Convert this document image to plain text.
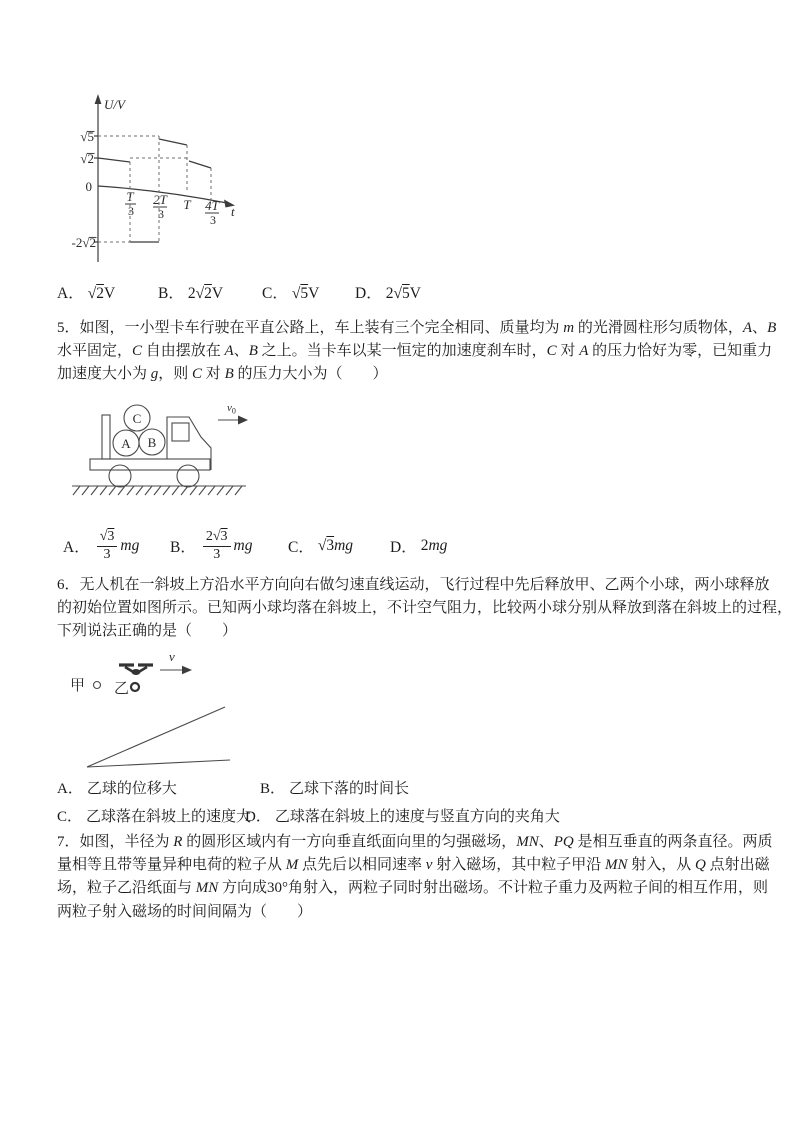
U/V
t
√5
√2
0
-2√2
T
3
2T
3
T 4T
3
A． √ 2V	B． 2 √ 2V	C． √ 5V D． 2 √ 5V
5．如图，一小型卡车行驶在平直公路上，车上装有三个完全相同、质量均为 m 的光滑圆柱形匀质物体，A、B
水平固定，C 自由摆放在 A、B 之上。当卡车以某一恒定的加速度刹车时，C 对 A 的压力恰好为零，已知重力
加速度大小为 g，则 C 对 B 的压力大小为（　　）
C
A B
$v_0$
A． √ $\frac{3}{3}$ mg B． $\frac{2 √ 3}{3}$ mg C． √ 3 mg D． 2 mg
6．无人机在一斜坡上方沿水平方向向右做匀速直线运动，飞行过程中先后释放甲、乙两个小球，两小球释放
的初始位置如图所示。已知两小球均落在斜坡上，不计空气阻力，比较两小球分别从释放到落在斜坡上的过程，
下列说法正确的是（　　）
甲 乙
v
A． 乙球的位移大	B． 乙球下落的时间长
C． 乙球落在斜坡上的速度大
D． 乙球落在斜坡上的速度与竖直方向的夹角大
7．如图，半径为 R 的圆形区域内有一方向垂直纸面向里的匀强磁场，MN、PQ 是相互垂直的两条直径。两质
量相等且带等量异种电荷的粒子从 M 点先后以相同速率 v 射入磁场，其中粒子甲沿 MN 射入，从 Q 点射出磁
场，粒子乙沿纸面与 MN 方向成30°角射入，两粒子同时射出磁场。不计粒子重力及两粒子间的相互作用，则
两粒子射入磁场的时间间隔为（　　）
